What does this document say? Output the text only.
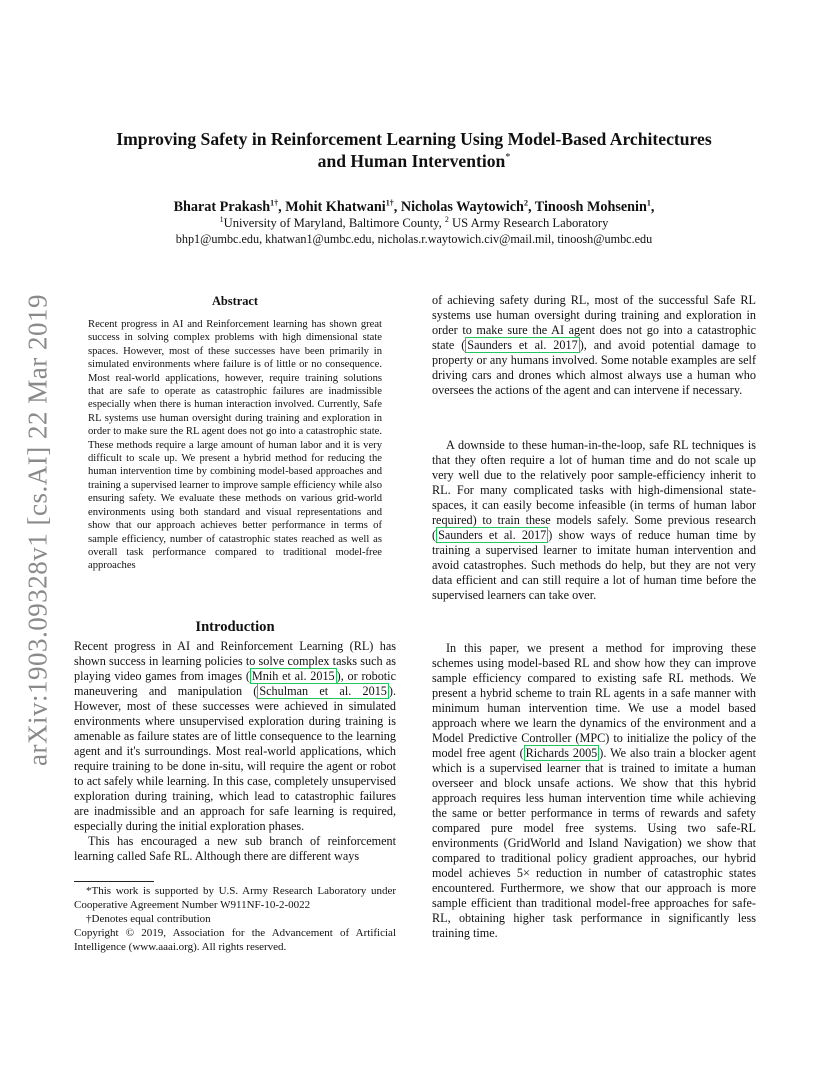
arXiv:1903.09328v1 [cs.AI] 22 Mar 2019
Improving Safety in Reinforcement Learning Using Model-Based Architectures
and Human Intervention*
Bharat Prakash$^{1\dagger}$, Mohit Khatwani$^{1\dagger}$, Nicholas Waytowich$^2$, Tinoosh Mohsenin$^1$,
$^1$University of Maryland, Baltimore County, $^2$ US Army Research Laboratory
bhp1@umbc.edu, khatwan1@umbc.edu, nicholas.r.waytowich.civ@mail.mil, tinoosh@umbc.edu
Abstract
Recent progress in AI and Reinforcement learning has shown great success in solving complex problems with high dimensional state spaces. However, most of these successes have been primarily in simulated environments where failure is of little or no consequence. Most real-world applications, however, require training solutions that are safe to operate as catastrophic failures are inadmissible especially when there is human interaction involved. Currently, Safe RL systems use human oversight during training and exploration in order to make sure the RL agent does not go into a catastrophic state. These methods require a large amount of human labor and it is very difficult to scale up. We present a hybrid method for reducing the human intervention time by combining model-based approaches and training a supervised learner to improve sample efficiency while also ensuring safety. We evaluate these methods on various grid-world environments using both standard and visual representations and show that our approach achieves better performance in terms of sample efficiency, number of catastrophic states reached as well as overall task performance compared to traditional model-free approaches
Introduction

Recent progress in AI and Reinforcement Learning (RL) has shown success in learning policies to solve complex tasks such as playing video games from images ( Mnih et al. 2015 ), or robotic maneuvering and manipulation ( Schulman et al. 2015 ). However, most of these successes were achieved in simulated environments where unsupervised exploration during training is amenable as failure states are of little consequence to the learning agent and it's surroundings. Most real-world applications, which require training to be done in-situ, will require the agent or robot to act safely while learning. In this case, completely unsupervised exploration during training, which lead to catastrophic failures are inadmissible and an approach for safe learning is required, especially during the initial exploration phases.

This has encouraged a new sub branch of reinforcement learning called Safe RL. Although there are different ways

*This work is supported by U.S. Army Research Laboratory under Cooperative Agreement Number W911NF-10-2-0022

†Denotes equal contribution

Copyright © 2019, Association for the Advancement of Artificial Intelligence (www.aaai.org). All rights reserved.

of achieving safety during RL, most of the successful Safe RL systems use human oversight during training and exploration in order to make sure the AI agent does not go into a catastrophic state ( Saunders et al. 2017 ), and avoid potential damage to property or any humans involved. Some notable examples are self driving cars and drones which almost always use a human who oversees the actions of the agent and can intervene if necessary.

A downside to these human-in-the-loop, safe RL techniques is that they often require a lot of human time and do not scale up very well due to the relatively poor sample-efficiency inherit to RL. For many complicated tasks with high-dimensional state-spaces, it can easily become infeasible (in terms of human labor required) to train these models safely. Some previous research ( Saunders et al. 2017 ) show ways of reduce human time by training a supervised learner to imitate human intervention and avoid catastrophes. Such methods do help, but they are not very data efficient and can still require a lot of human time before the supervised learners can take over.

In this paper, we present a method for improving these schemes using model-based RL and show how they can improve sample efficiency compared to existing safe RL methods. We present a hybrid scheme to train RL agents in a safe manner with minimum human intervention time. We use a model based approach where we learn the dynamics of the environment and a Model Predictive Controller (MPC) to initialize the policy of the model free agent ( Richards 2005 ). We also train a blocker agent which is a supervised learner that is trained to imitate a human overseer and block unsafe actions. We show that this hybrid approach requires less human intervention time while achieving the same or better performance in terms of rewards and safety compared pure model free systems. Using two safe-RL environments (GridWorld and Island Navigation) we show that compared to traditional policy gradient approaches, our hybrid model achieves 5× reduction in number of catastrophic states encountered. Furthermore, we show that our approach is more sample efficient than traditional model-free approaches for safe-RL, obtaining higher task performance in significantly less training time.
